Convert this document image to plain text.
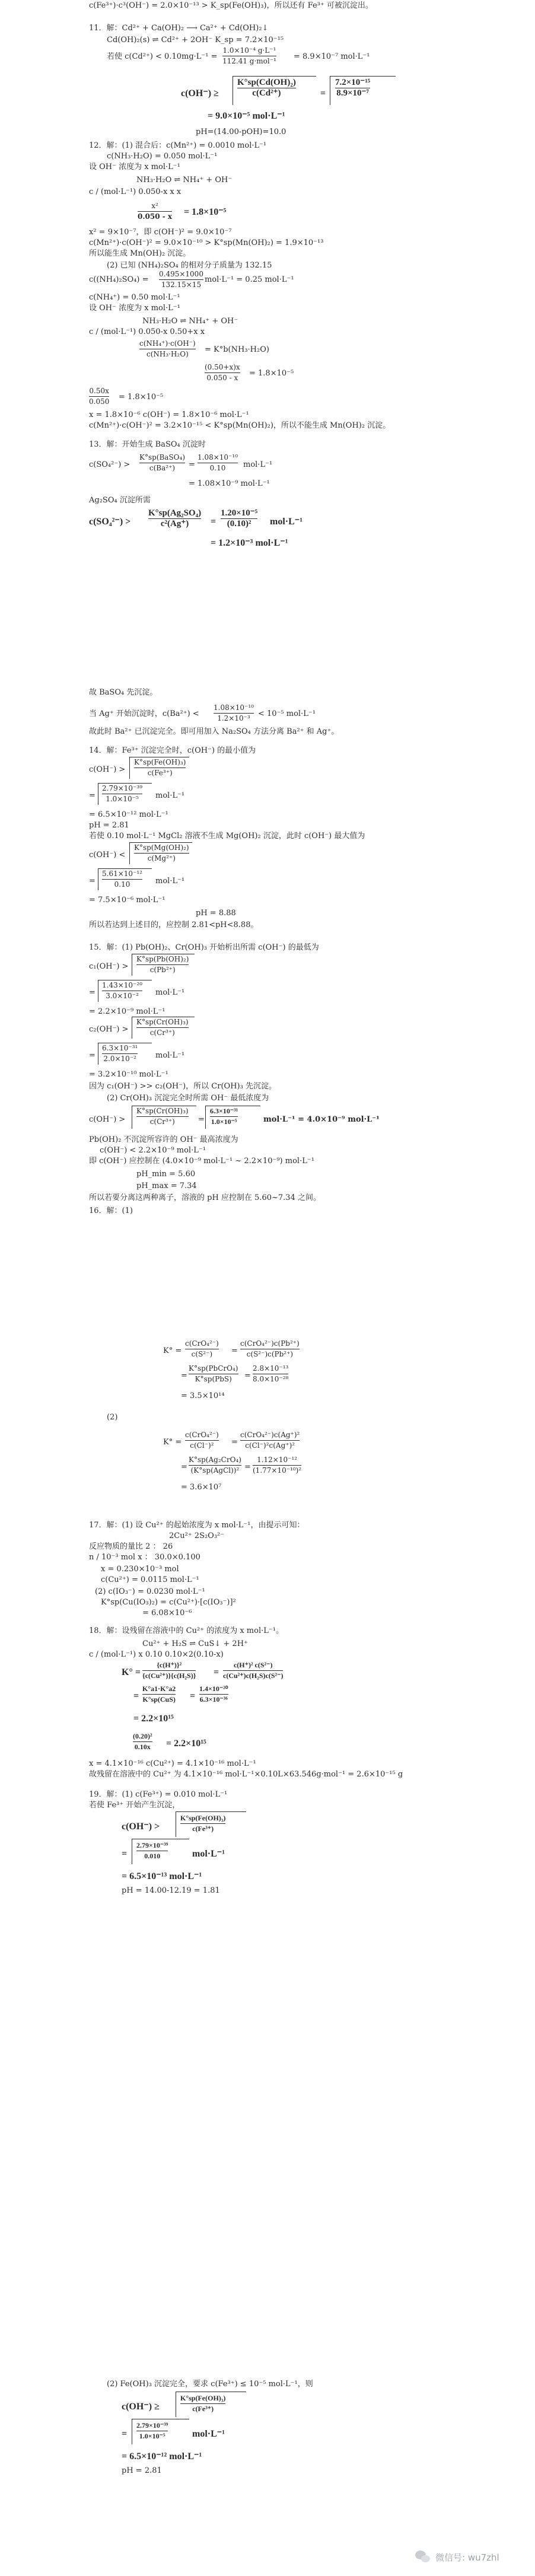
c(Fe³⁺)·c³(OH⁻) = 2.0×10⁻¹³ > K_sp(Fe(OH)₃)，所以还有 Fe³⁺ 可被沉淀出。
11．解：Cd²⁺ + Ca(OH)₂ ⟶ Ca²⁺ + Cd(OH)₂↓
Cd(OH)₂(s) ⇌ Cd²⁺ + 2OH⁻ K_sp = 7.2×10⁻¹⁵
若使 c(Cd²⁺) < 0.10mg·L⁻¹ =
1.0×10⁻⁴ g·L⁻¹
112.41 g·mol⁻¹ = 8.9×10⁻⁷ mol·L⁻¹
c(OH⁻) ≥
K°sp(Cd(OH)₂)
c(Cd²⁺)	=
7.2×10⁻¹⁵
8.9×10⁻⁷
= 9.0×10⁻⁵ mol·L⁻¹
pH=(14.00-pOH)=10.0
12．解：(1) 混合后：c(Mn²⁺) = 0.0010 mol·L⁻¹
c(NH₃·H₂O) = 0.050 mol·L⁻¹
设 OH⁻ 浓度为 x mol·L⁻¹
NH₃·H₂O ⇌ NH₄⁺ + OH⁻
c / (mol·L⁻¹) 0.050-x x x
x²
0.050 - x = 1.8×10⁻⁵
x² = 9×10⁻⁷，即 c(OH⁻)² = 9.0×10⁻⁷
c(Mn²⁺)·c(OH⁻)² = 9.0×10⁻¹⁰ > K°sp(Mn(OH)₂) = 1.9×10⁻¹³
所以能生成 Mn(OH)₂ 沉淀。
(2) 已知 (NH₄)₂SO₄ 的相对分子质量为 132.15
c((NH₄)₂SO₄) =
0.495×1000
132.15×15
mol·L⁻¹ = 0.25 mol·L⁻¹
c(NH₄⁺) = 0.50 mol·L⁻¹
设 OH⁻ 浓度为 x mol·L⁻¹
NH₃·H₂O ⇌ NH₄⁺ + OH⁻
c / (mol·L⁻¹) 0.050-x 0.50+x x
c(NH₄⁺)·c(OH⁻)
c(NH₃·H₂O)	= K°b(NH₃·H₂O)
(0.50+x)x
0.050 - x = 1.8×10⁻⁵
0.50x
0.050 = 1.8×10⁻⁵
x = 1.8×10⁻⁶ c(OH⁻) = 1.8×10⁻⁶ mol·L⁻¹
c(Mn²⁺)·c(OH⁻)² = 3.2×10⁻¹⁵ < K°sp(Mn(OH)₂)，所以不能生成 Mn(OH)₂ 沉淀。
13．解：开始生成 BaSO₄ 沉淀时
c(SO₄²⁻) >
K°sp(BaSO₄)
c(Ba²⁺)	=
1.08×10⁻¹⁰
0.10	mol·L⁻¹
= 1.08×10⁻⁹ mol·L⁻¹
Ag₂SO₄ 沉淀所需
c(SO₄²⁻) >
K°sp(Ag₂SO₄)
c²(Ag⁺)	=
1.20×10⁻⁵
(0.10)²	mol·L⁻¹
= 1.2×10⁻³ mol·L⁻¹
故 BaSO₄ 先沉淀。
当 Ag⁺ 开始沉淀时，c(Ba²⁺) <
1.08×10⁻¹⁰
1.2×10⁻³	< 10⁻⁵ mol·L⁻¹
故此时 Ba²⁺ 已沉淀完全。即可用加入 Na₂SO₄ 方法分离 Ba²⁺ 和 Ag⁺。
14．解：Fe³⁺ 沉淀完全时，c(OH⁻) 的最小值为
c(OH⁻) >
K°sp(Fe(OH)₃)
c(Fe³⁺)
=
2.79×10⁻³⁹
1.0×10⁻⁵	mol·L⁻¹
= 6.5×10⁻¹² mol·L⁻¹
pH = 2.81
若使 0.10 mol·L⁻¹ MgCl₂ 溶液不生成 Mg(OH)₂ 沉淀，此时 c(OH⁻) 最大值为
c(OH⁻) <
K°sp(Mg(OH)₂)
c(Mg²⁺)
=
5.61×10⁻¹²
0.10	mol·L⁻¹
= 7.5×10⁻⁶ mol·L⁻¹
pH = 8.88
所以若达到上述目的，应控制 2.81<pH<8.88。
15．解：(1) Pb(OH)₂、Cr(OH)₃ 开始析出所需 c(OH⁻) 的最低为
c₁(OH⁻) >
K°sp(Pb(OH)₂)
c(Pb²⁺)
=
1.43×10⁻²⁰
3.0×10⁻²	mol·L⁻¹
= 2.2×10⁻⁹ mol·L⁻¹
c₂(OH⁻) >
K°sp(Cr(OH)₃)
c(Cr³⁺)
=
6.3×10⁻³¹
2.0×10⁻² mol·L⁻¹
= 3.2×10⁻¹⁰ mol·L⁻¹
因为 c₁(OH⁻) >> c₂(OH⁻)，所以 Cr(OH)₃ 先沉淀。
(2) Cr(OH)₃ 沉淀完全时所需 OH⁻ 最低浓度为
c(OH⁻) >
K°sp(Cr(OH)₃)
c(Cr³⁺)	=
6.3×10⁻³¹
1.0×10⁻⁵	mol·L⁻¹ = 4.0×10⁻⁹ mol·L⁻¹
Pb(OH)₂ 不沉淀所容许的 OH⁻ 最高浓度为
c(OH⁻) < 2.2×10⁻⁹ mol·L⁻¹
即 c(OH⁻) 应控制在 (4.0×10⁻⁹ mol·L⁻¹ ~ 2.2×10⁻⁹) mol·L⁻¹
pH_min = 5.60
pH_max = 7.34
所以若要分离这两种离子，溶液的 pH 应控制在 5.60~7.34 之间。
16．解：(1)
K° =
c(CrO₄²⁻)
c(S²⁻)	=
c(CrO₄²⁻)c(Pb²⁺)
c(S²⁻)c(Pb²⁺)
=
K°sp(PbCrO₄)
K°sp(PbS)	=
2.8×10⁻¹³
8.0×10⁻²⁸
= 3.5×10¹⁴
(2)
K° =
c(CrO₄²⁻)
c(Cl⁻)²	=
c(CrO₄²⁻)c(Ag⁺)²
c(Cl⁻)²c(Ag⁺)²
=
K°sp(Ag₂CrO₄)
(K°sp(AgCl))² =
1.12×10⁻¹²
(1.77×10⁻¹⁰)²
= 3.6×10⁷
17．解：(1) 设 Cu²⁺ 的起始浓度为 x mol·L⁻¹，由提示可知：
2Cu²⁺ 2S₂O₃²⁻
反应物质的量比 2 ： 26
n / 10⁻³ mol x ： 30.0×0.100
x = 0.230×10⁻³ mol
c(Cu²⁺) = 0.0115 mol·L⁻¹
(2) c(IO₃⁻) = 0.0230 mol·L⁻¹
K°sp(Cu(IO₃)₂) = c(Cu²⁺)·[c(IO₃⁻)]²
= 6.08×10⁻⁶
18．解：设残留在溶液中的 Cu²⁺ 的浓度为 x mol·L⁻¹。
Cu²⁺ + H₂S ⇌ CuS↓ + 2H⁺
c / (mol·L⁻¹) x 0.10 0.10×2(0.10-x)
K° =
{c(H⁺)}²
{c(Cu²⁺)}{c(H₂S)} =
c(H⁺)² c(S²⁻)
c(Cu²⁺)c(H₂S)c(S²⁻)
=
K°a1·K°a2
K°sp(CuS) =
1.4×10⁻²⁰
6.3×10⁻³⁶
= 2.2×10¹⁵
(0.20)²
0.10x = 2.2×10¹⁵
x = 4.1×10⁻¹⁶ c(Cu²⁺) = 4.1×10⁻¹⁶ mol·L⁻¹
故残留在溶液中的 Cu²⁺ 为 4.1×10⁻¹⁶ mol·L⁻¹×0.10L×63.546g·mol⁻¹ = 2.6×10⁻¹⁵ g
19．解：(1) c(Fe³⁺) = 0.010 mol·L⁻¹
若使 Fe³⁺ 开始产生沉淀，
c(OH⁻) >
K°sp(Fe(OH)₃)
c(Fe³⁺)
=
2.79×10⁻³⁹
0.010	mol·L⁻¹
= 6.5×10⁻¹³ mol·L⁻¹
pH = 14.00-12.19 = 1.81
(2) Fe(OH)₃ 沉淀完全，要求 c(Fe³⁺) ≤ 10⁻⁵ mol·L⁻¹，则
c(OH⁻) ≥
K°sp(Fe(OH)₃)
c(Fe³⁺)
=
2.79×10⁻³⁹
1.0×10⁻⁵	mol·L⁻¹
= 6.5×10⁻¹² mol·L⁻¹
pH = 2.81
微信号: wu7zhl
